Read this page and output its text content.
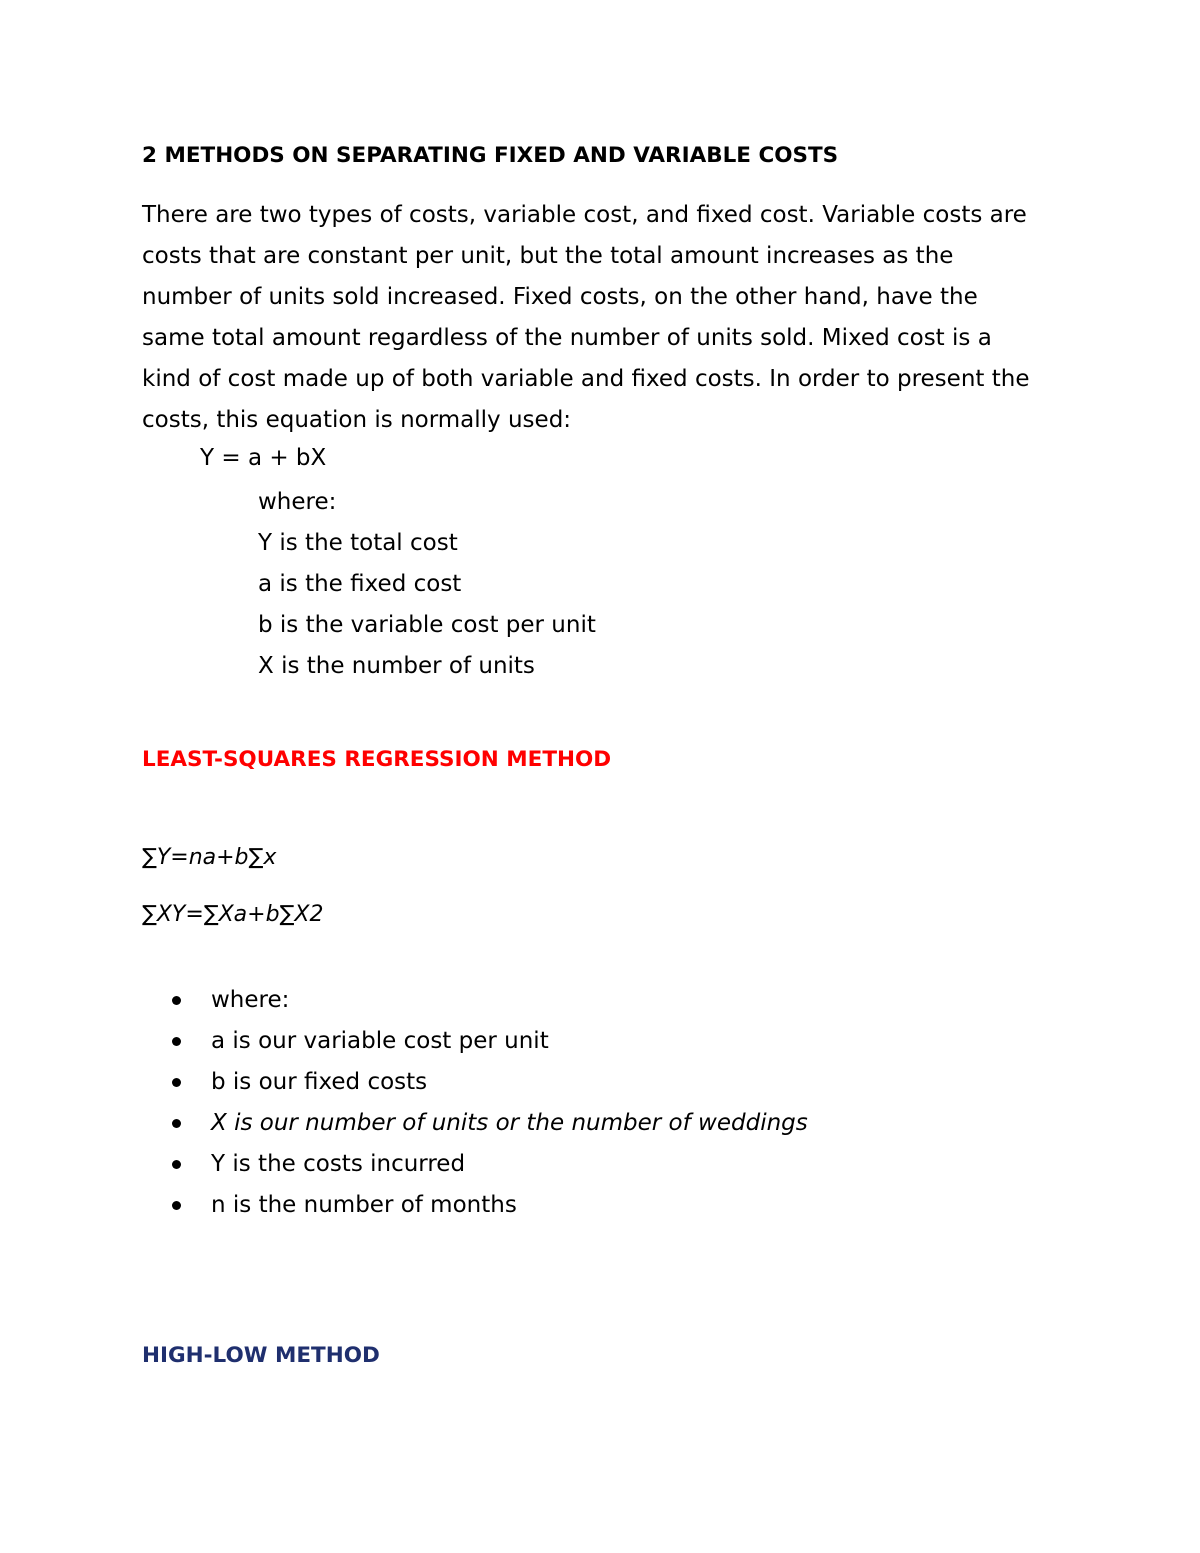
2 METHODS ON SEPARATING FIXED AND VARIABLE COSTS

There are two types of costs, variable cost, and fixed cost. Variable costs are
costs that are constant per unit, but the total amount increases as the
number of units sold increased. Fixed costs, on the other hand, have the
same total amount regardless of the number of units sold. Mixed cost is a
kind of cost made up of both variable and fixed costs. In order to present the
costs, this equation is normally used:

Y = a + bX
where:
Y is the total cost
a is the fixed cost
b is the variable cost per unit
X is the number of units
LEAST-SQUARES REGRESSION METHOD
∑Y=na+b∑x
∑XY=∑Xa+b∑X2
where:
a is our variable cost per unit
b is our fixed costs
X is our number of units or the number of weddings
Y is the costs incurred
n is the number of months
HIGH-LOW METHOD
